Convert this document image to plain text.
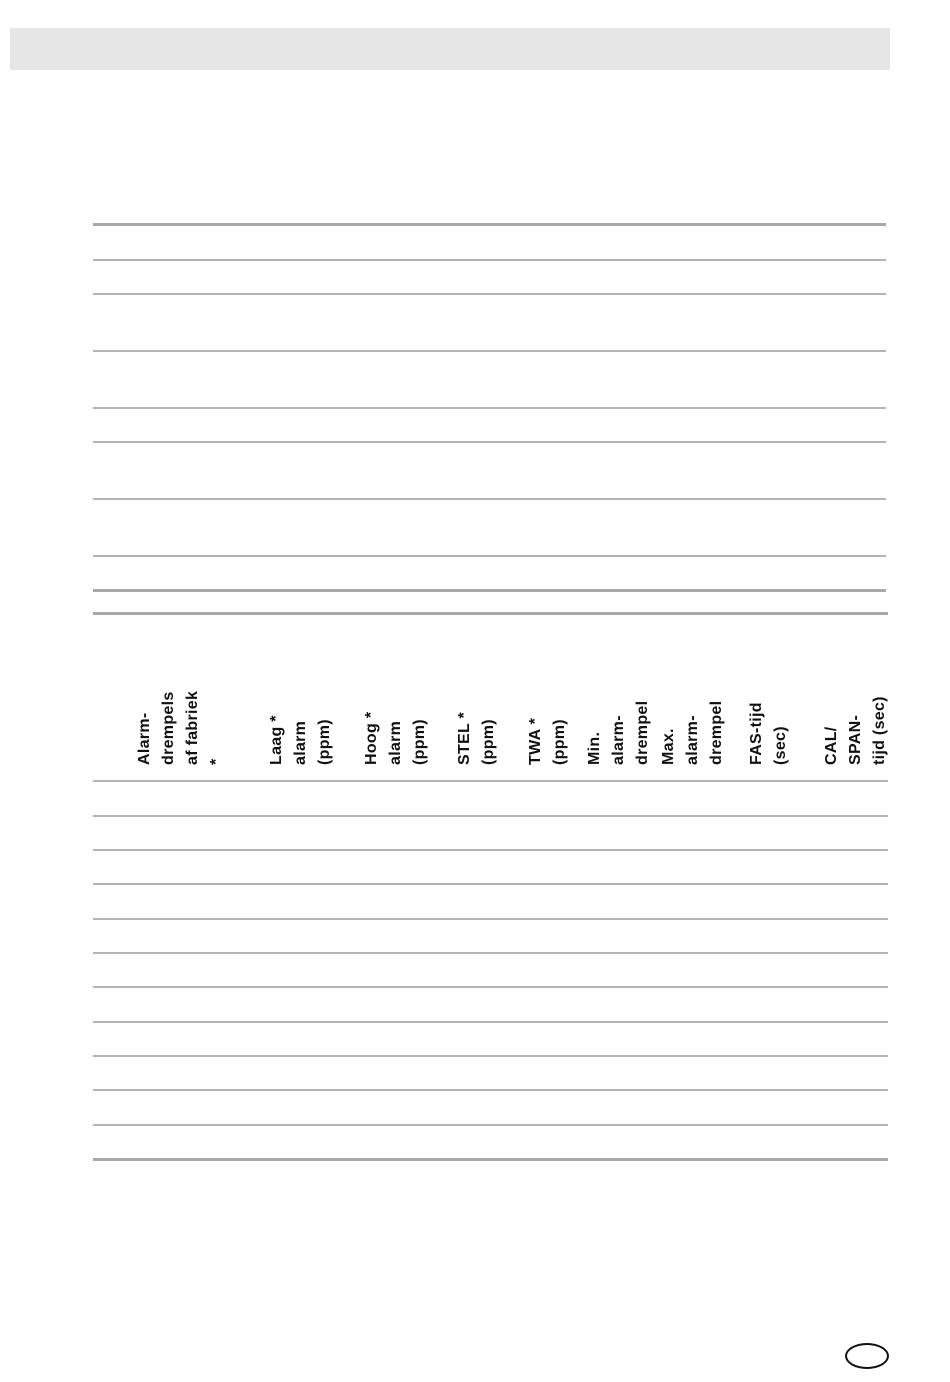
Alarm-
drempels
af fabriek *	Laag * alarm
(ppm) Hoog * alarm
(ppm) STEL * (ppm) TWA * (ppm) Min. alarm-
drempel Max. alarm-
drempel FAS-tijd (sec) CAL/ SPAN-
tijd (sec)
